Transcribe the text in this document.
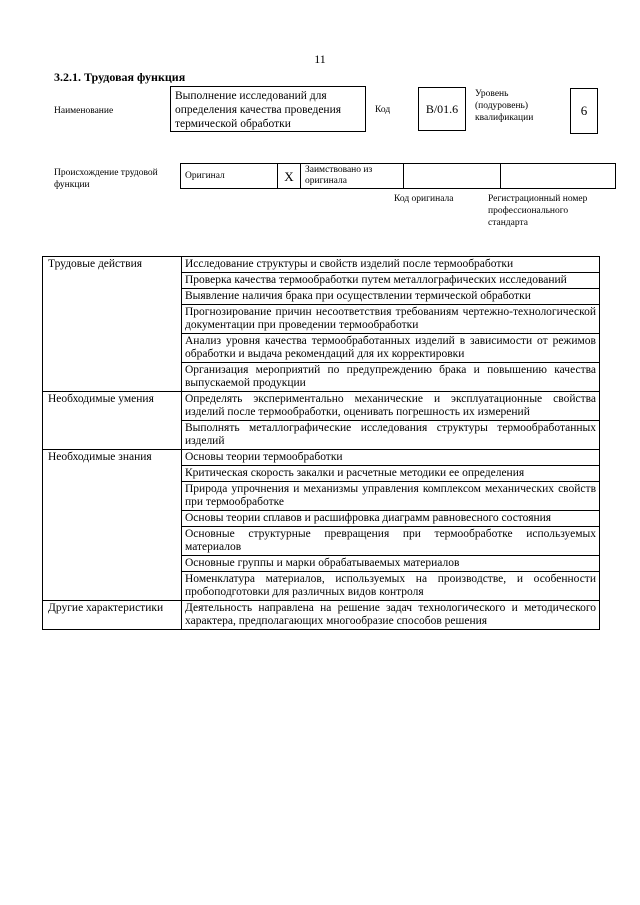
11
3.2.1. Трудовая функция
Наименование
Выполнение исследований для определения качества проведения термической обработки
Код	В/01.6
Уровень (подуровень) квалификации	6
Происхождение трудовой функции
Оригинал	X	Заимствовано из оригинала		
Код оригинала	Регистрационный номер профессионального стандарта
Трудовые действия	Исследование структуры и свойств изделий после термообработки
	Проверка качества термообработки путем металлографических исследований
	Выявление наличия брака при осуществлении термической обработки
	Прогнозирование причин несоответствия требованиям чертежно-технологической документации при проведении термообработки
	Анализ уровня качества термообработанных изделий в зависимости от режимов обработки и выдача рекомендаций для их корректировки
	Организация мероприятий по предупреждению брака и повышению качества выпускаемой продукции
Необходимые умения	Определять экспериментально механические и эксплуатационные свойства изделий после термообработки, оценивать погрешность их измерений
	Выполнять металлографические исследования структуры термообработанных изделий
Необходимые знания	Основы теории термообработки
	Критическая скорость закалки и расчетные методики ее определения
	Природа упрочнения и механизмы управления комплексом механических свойств при термообработке
	Основы теории сплавов и расшифровка диаграмм равновесного состояния
	Основные структурные превращения при термообработке используемых материалов
	Основные группы и марки обрабатываемых материалов
	Номенклатура материалов, используемых на производстве, и особенности пробоподготовки для различных видов контроля
Другие характеристики	Деятельность направлена на решение задач технологического и методического характера, предполагающих многообразие способов решения
